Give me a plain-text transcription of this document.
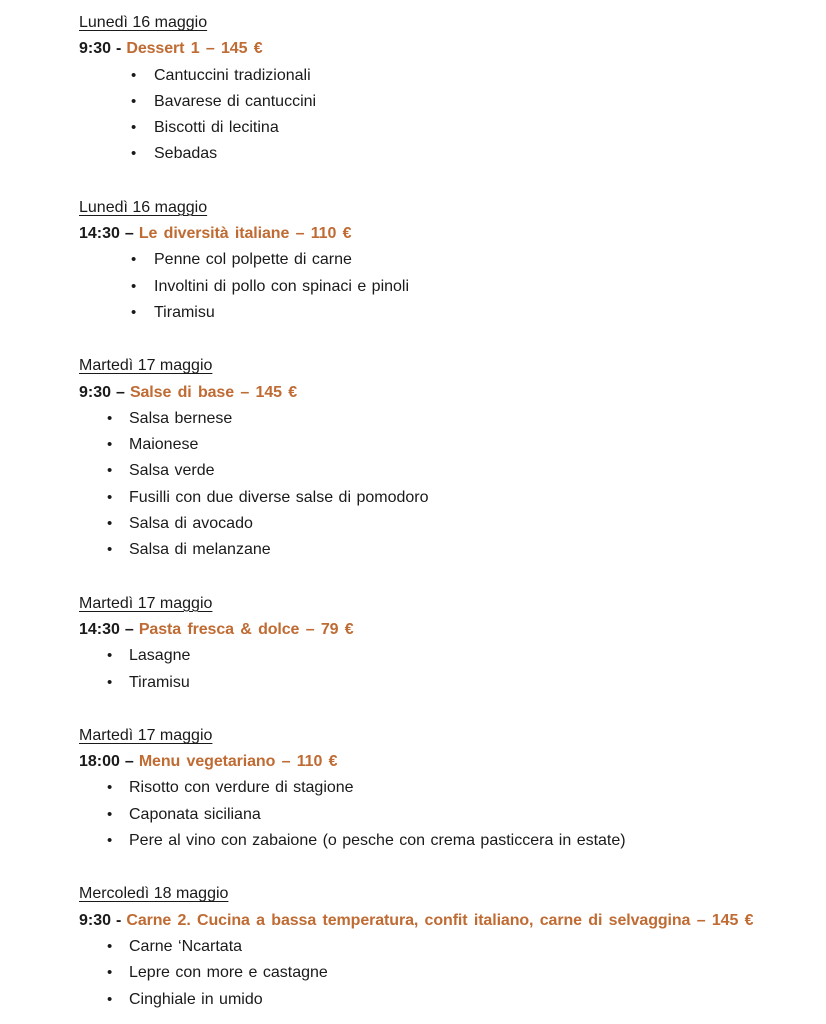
Lunedì 16 maggio
9:30 - Dessert 1 – 145 €
•	Cantuccini tradizionali
•	Bavarese di cantuccini
•	Biscotti di lecitina
•	Sebadas
Lunedì 16 maggio
14:30 – Le diversità italiane – 110 €
•	Penne col polpette di carne
•	Involtini di pollo con spinaci e pinoli
•	Tiramisu
Martedì 17 maggio
9:30 – Salse di base – 145 €
•	Salsa bernese
•	Maionese
•	Salsa verde
•	Fusilli con due diverse salse di pomodoro
•	Salsa di avocado
•	Salsa di melanzane
Martedì 17 maggio
14:30 – Pasta fresca & dolce – 79 €
•	Lasagne
•	Tiramisu
Martedì 17 maggio
18:00 – Menu vegetariano – 110 €
•	Risotto con verdure di stagione
•	Caponata siciliana
•	Pere al vino con zabaione (o pesche con crema pasticcera in estate)
Mercoledì 18 maggio
9:30 - Carne 2. Cucina a bassa temperatura, confit italiano, carne di selvaggina – 145 €
•	Carne ‘Ncartata
•	Lepre con more e castagne
•	Cinghiale in umido
